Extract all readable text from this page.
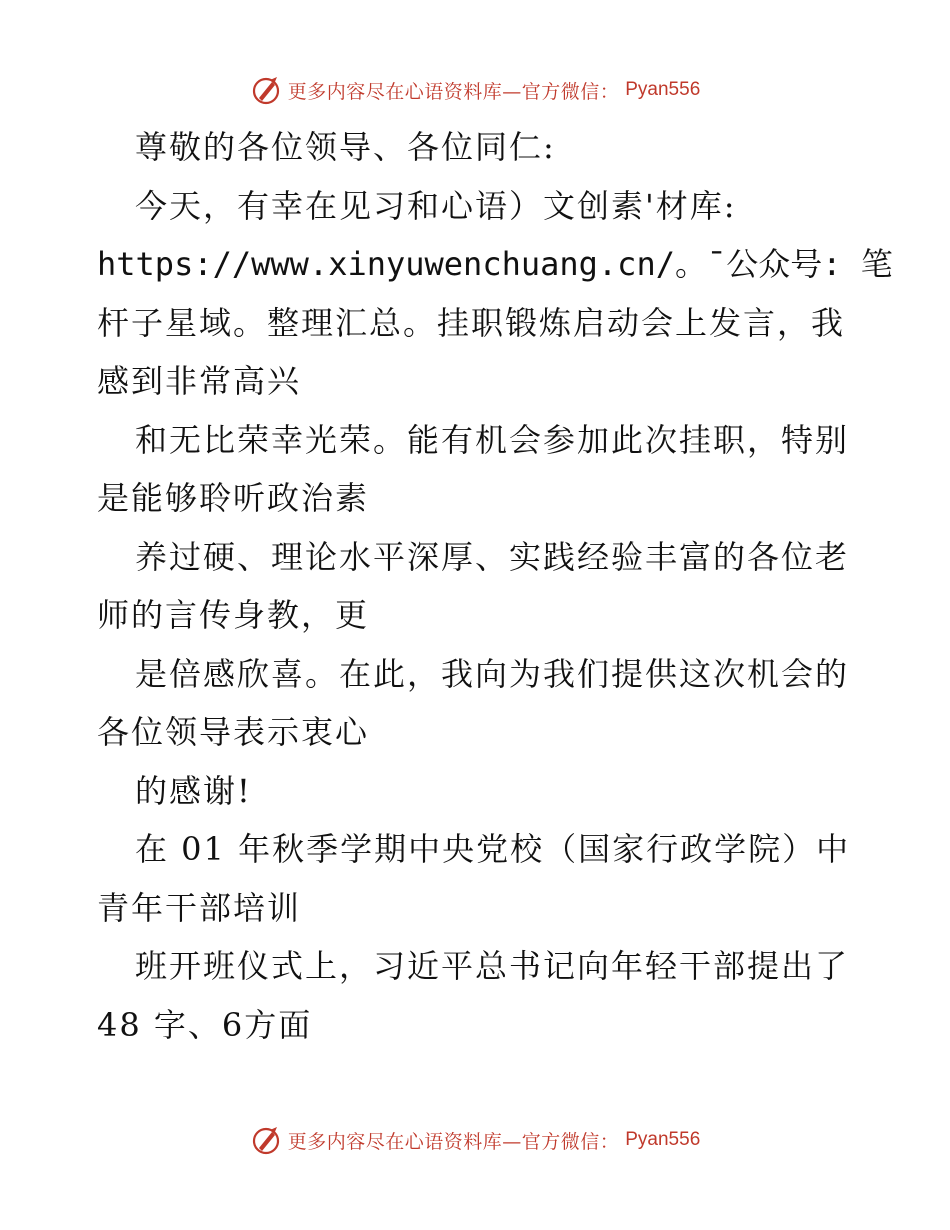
更多内容尽在心语资料库—官方微信： Pyan556
尊敬的各位领导、各位同仁:
今天，有幸在见习和心语）文创素'材库:
https://www.xinyuwenchuang.cn/。¯公众号: 笔
杆子星域。整理汇总。挂职锻炼启动会上发言，我
感到非常高兴
和无比荣幸光荣。能有机会参加此次挂职，特别
是能够聆听政治素
养过硬、理论水平深厚、实践经验丰富的各位老
师的言传身教，更
是倍感欣喜。在此，我向为我们提供这次机会的
各位领导表示衷心
的感谢!
在 01 年秋季学期中央党校（国家行政学院）中
青年干部培训
班开班仪式上，习近平总书记向年轻干部提出了
48 字、6方面
更多内容尽在心语资料库—官方微信： Pyan556
